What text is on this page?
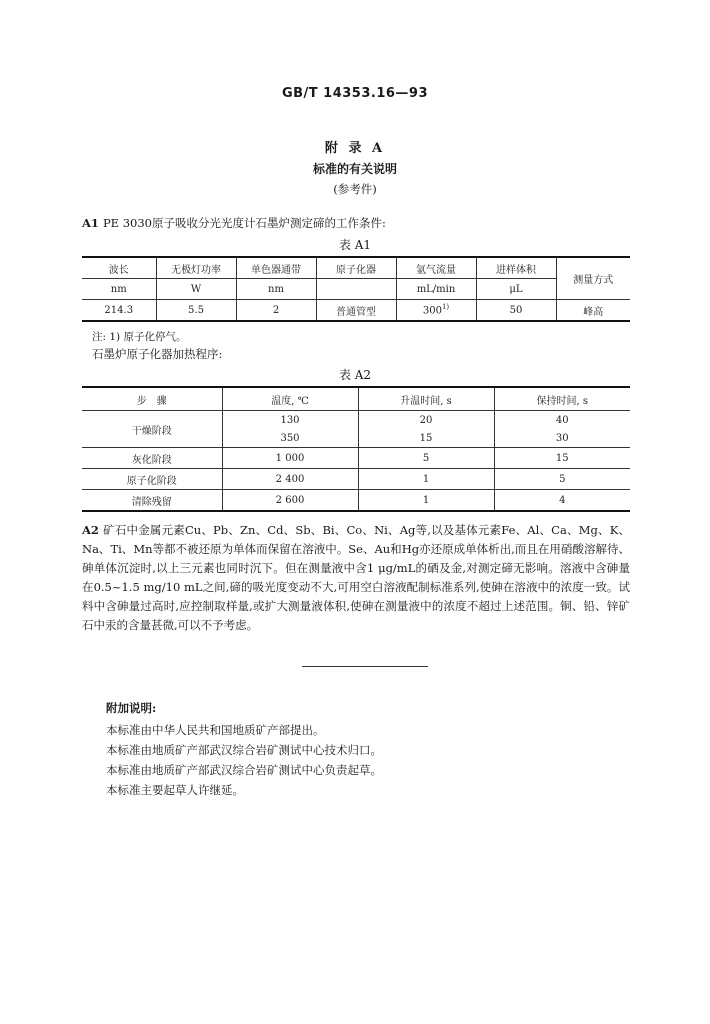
GB/T 14353.16—93
附 录 A
标准的有关说明
(参考件)
A1 PE 3030原子吸收分光光度计石墨炉测定碲的工作条件:
表 A1
波长	无极灯功率	单色器通带	原子化器	氩气流量	进样体积	测量方式
nm	W	nm		mL/min	μL	
214.3	5.5	2	普通管型	300$^{1)}$	50	峰高
注: 1) 原子化停气。
石墨炉原子化器加热程序:
表 A2
步　骤	温度, ℃	升温时间, s	保持时间, s
干燥阶段	130	20	40
	350	15	30
灰化阶段	1 000	5	15
原子化阶段	2 400	1	5
清除残留	2 600	1	4
A2 矿石中金属元素Cu、Pb、Zn、Cd、Sb、Bi、Co、Ni、Ag等,以及基体元素Fe、Al、Ca、Mg、K、Na、Ti、Mn等都不被还原为单体而保留在溶液中。Se、Au和Hg亦还原成单体析出,而且在用硝酸溶解待、砷单体沉淀时,以上三元素也同时沉下。但在测量液中含1 μg/mL的硒及金,对测定碲无影响。溶液中含砷量在0.5~1.5 mg/10 mL之间,碲的吸光度变动不大,可用空白溶液配制标准系列,使砷在溶液中的浓度一致。试料中含砷量过高时,应控制取样量,或扩大测量液体积,使砷在测量液中的浓度不超过上述范围。铜、铅、锌矿石中汞的含量甚微,可以不予考虑。
附加说明:
本标准由中华人民共和国地质矿产部提出。
本标准由地质矿产部武汉综合岩矿测试中心技术归口。
本标准由地质矿产部武汉综合岩矿测试中心负责起草。
本标准主要起草人许继延。
